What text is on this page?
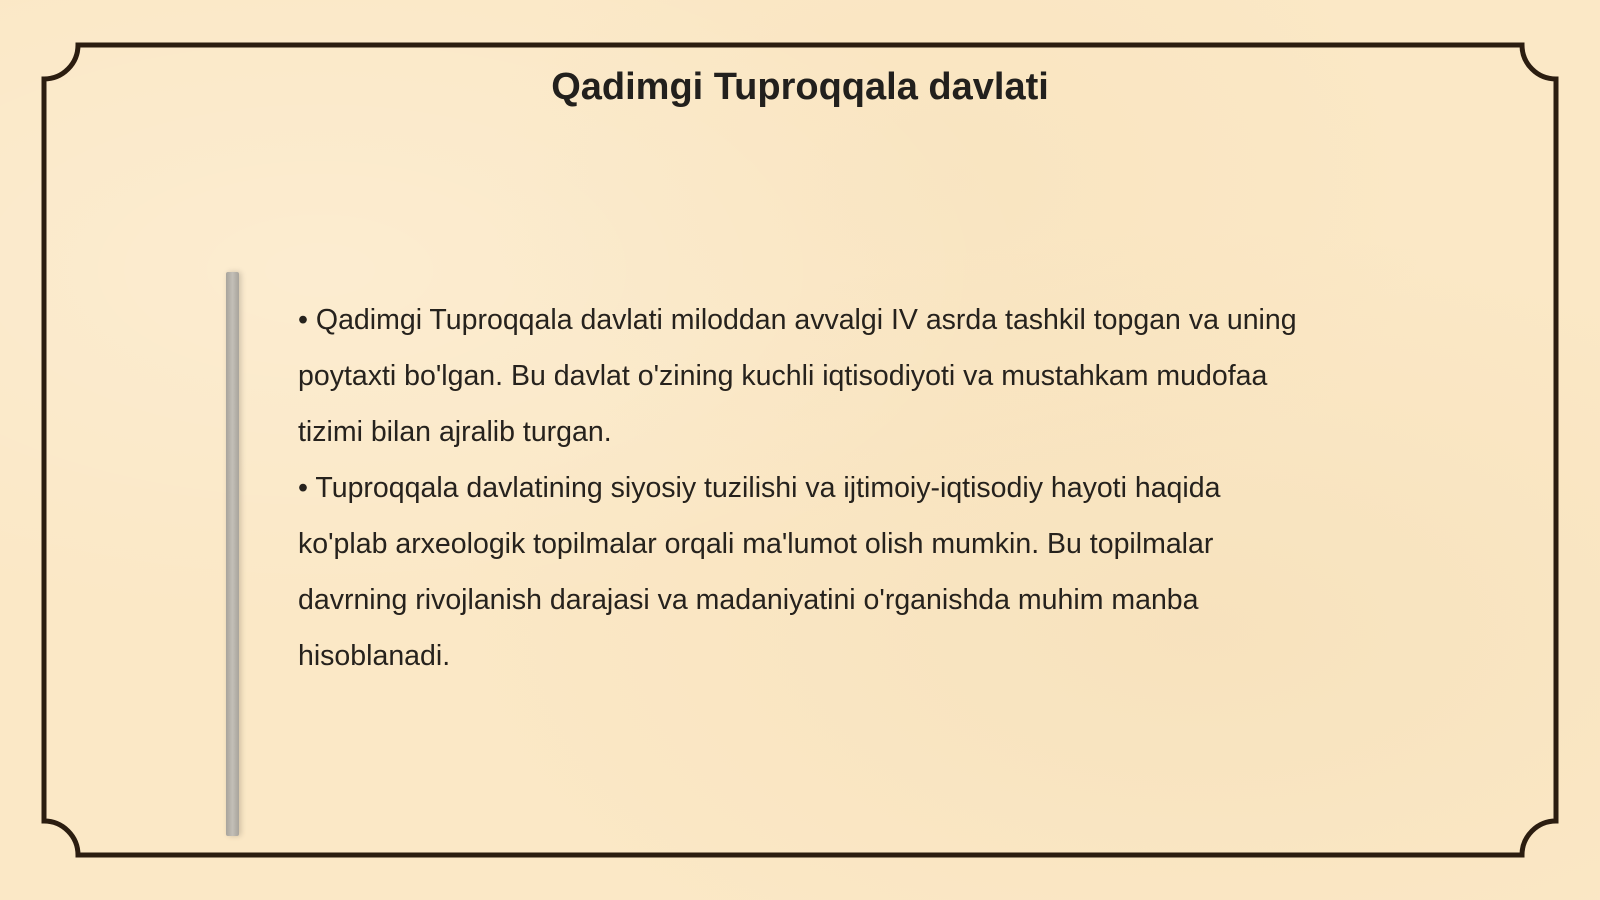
Qadimgi Tuproqqala davlati

• Qadimgi Tuproqqala davlati miloddan avvalgi IV asrda tashkil topgan va uning poytaxti bo'lgan. Bu davlat o'zining kuchli iqtisodiyoti va mustahkam mudofaa tizimi bilan ajralib turgan.

• Tuproqqala davlatining siyosiy tuzilishi va ijtimoiy-iqtisodiy hayoti haqida ko'plab arxeologik topilmalar orqali ma'lumot olish mumkin. Bu topilmalar davrning rivojlanish darajasi va madaniyatini o'rganishda muhim manba hisoblanadi.
